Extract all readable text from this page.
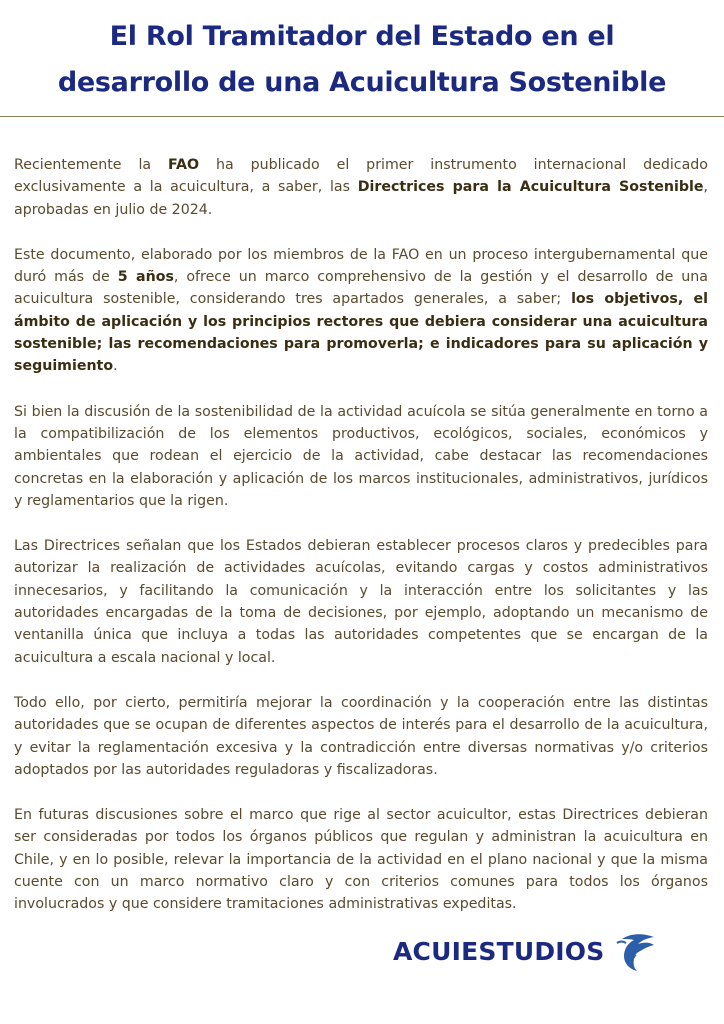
El Rol Tramitador del Estado en el
desarrollo de una Acuicultura Sostenible

Recientemente la FAO ha publicado el primer instrumento internacional dedicado exclusivamente a la acuicultura, a saber, las Directrices para la Acuicultura Sostenible, aprobadas en julio de 2024.

Este documento, elaborado por los miembros de la FAO en un proceso intergubernamental que duró más de 5 años, ofrece un marco comprehensivo de la gestión y el desarrollo de una acuicultura sostenible, considerando tres apartados generales, a saber; los objetivos, el ámbito de aplicación y los principios rectores que debiera considerar una acuicultura sostenible; las recomendaciones para promoverla; e indicadores para su aplicación y seguimiento.

Si bien la discusión de la sostenibilidad de la actividad acuícola se sitúa generalmente en torno a la compatibilización de los elementos productivos, ecológicos, sociales, económicos y ambientales que rodean el ejercicio de la actividad, cabe destacar las recomendaciones concretas en la elaboración y aplicación de los marcos institucionales, administrativos, jurídicos y reglamentarios que la rigen.

Las Directrices señalan que los Estados debieran establecer procesos claros y predecibles para autorizar la realización de actividades acuícolas, evitando cargas y costos administrativos innecesarios, y facilitando la comunicación y la interacción entre los solicitantes y las autoridades encargadas de la toma de decisiones, por ejemplo, adoptando un mecanismo de ventanilla única que incluya a todas las autoridades competentes que se encargan de la acuicultura a escala nacional y local.

Todo ello, por cierto, permitiría mejorar la coordinación y la cooperación entre las distintas autoridades que se ocupan de diferentes aspectos de interés para el desarrollo de la acuicultura, y evitar la reglamentación excesiva y la contradicción entre diversas normativas y/o criterios adoptados por las autoridades reguladoras y fiscalizadoras.

En futuras discusiones sobre el marco que rige al sector acuicultor, estas Directrices debieran ser consideradas por todos los órganos públicos que regulan y administran la acuicultura en Chile, y en lo posible, relevar la importancia de la actividad en el plano nacional y que la misma cuente con un marco normativo claro y con criterios comunes para todos los órganos involucrados y que considere tramitaciones administrativas expeditas.

ACUIESTUDIOS
